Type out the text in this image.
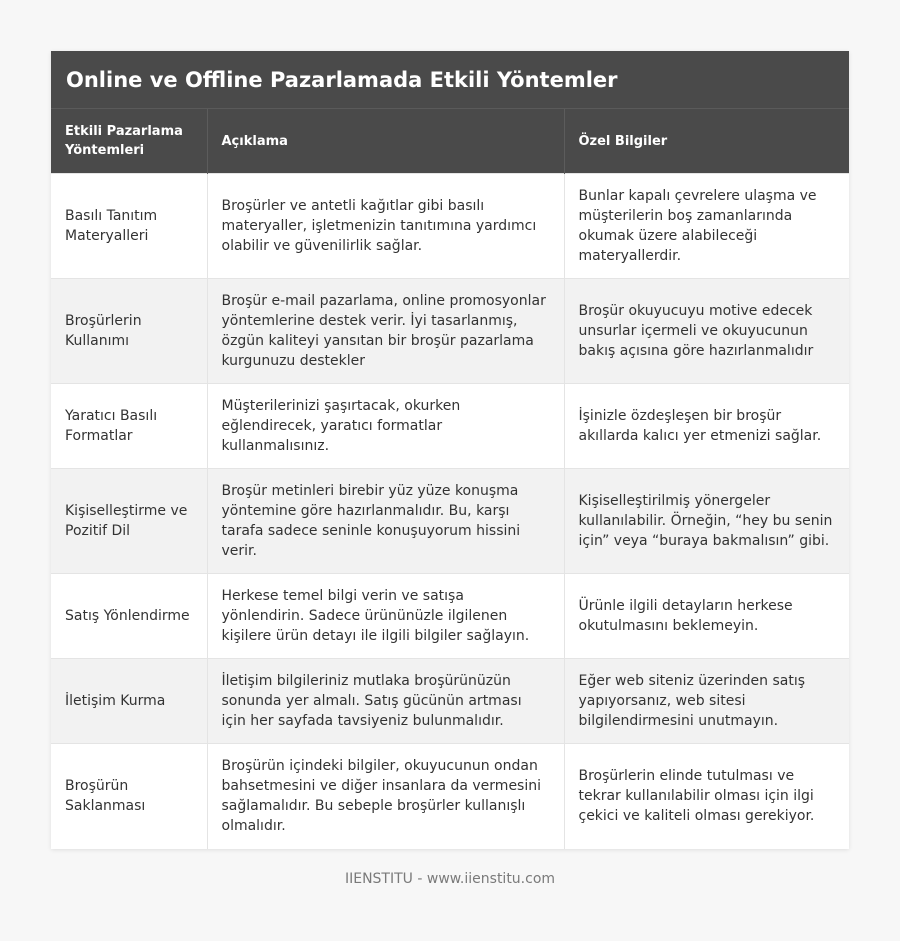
Online ve Offline Pazarlamada Etkili Yöntemler
Etkili Pazarlama Yöntemleri	Açıklama	Özel Bilgiler
Basılı Tanıtım Materyalleri	Broşürler ve antetli kağıtlar gibi basılı materyaller, işletmenizin tanıtımına yardımcı olabilir ve güvenilirlik sağlar.	Bunlar kapalı çevrelere ulaşma ve müşterilerin boş zamanlarında okumak üzere alabileceği materyallerdir.
Broşürlerin Kullanımı	Broşür e-mail pazarlama, online promosyonlar yöntemlerine destek verir. İyi tasarlanmış, özgün kaliteyi yansıtan bir broşür pazarlama kurgunuzu destekler	Broşür okuyucuyu motive edecek unsurlar içermeli ve okuyucunun bakış açısına göre hazırlanmalıdır
Yaratıcı Basılı Formatlar	Müşterilerinizi şaşırtacak, okurken eğlendirecek, yaratıcı formatlar kullanmalısınız.	İşinizle özdeşleşen bir broşür akıllarda kalıcı yer etmenizi sağlar.
Kişiselleştirme ve Pozitif Dil	Broşür metinleri birebir yüz yüze konuşma yöntemine göre hazırlanmalıdır. Bu, karşı tarafa sadece seninle konuşuyorum hissini verir.	Kişiselleştirilmiş yönergeler kullanılabilir. Örneğin, “hey bu senin için” veya “buraya bakmalısın” gibi.
Satış Yönlendirme	Herkese temel bilgi verin ve satışa yönlendirin. Sadece ürününüzle ilgilenen kişilere ürün detayı ile ilgili bilgiler sağlayın.	Ürünle ilgili detayların herkese okutulmasını beklemeyin.
İletişim Kurma	İletişim bilgileriniz mutlaka broşürünüzün sonunda yer almalı. Satış gücünün artması için her sayfada tavsiyeniz bulunmalıdır.	Eğer web siteniz üzerinden satış yapıyorsanız, web sitesi bilgilendirmesini unutmayın.
Broşürün Saklanması	Broşürün içindeki bilgiler, okuyucunun ondan bahsetmesini ve diğer insanlara da vermesini sağlamalıdır. Bu sebeple broşürler kullanışlı olmalıdır.	Broşürlerin elinde tutulması ve tekrar kullanılabilir olması için ilgi çekici ve kaliteli olması gerekiyor.
IIENSTITU - www.iienstitu.com
